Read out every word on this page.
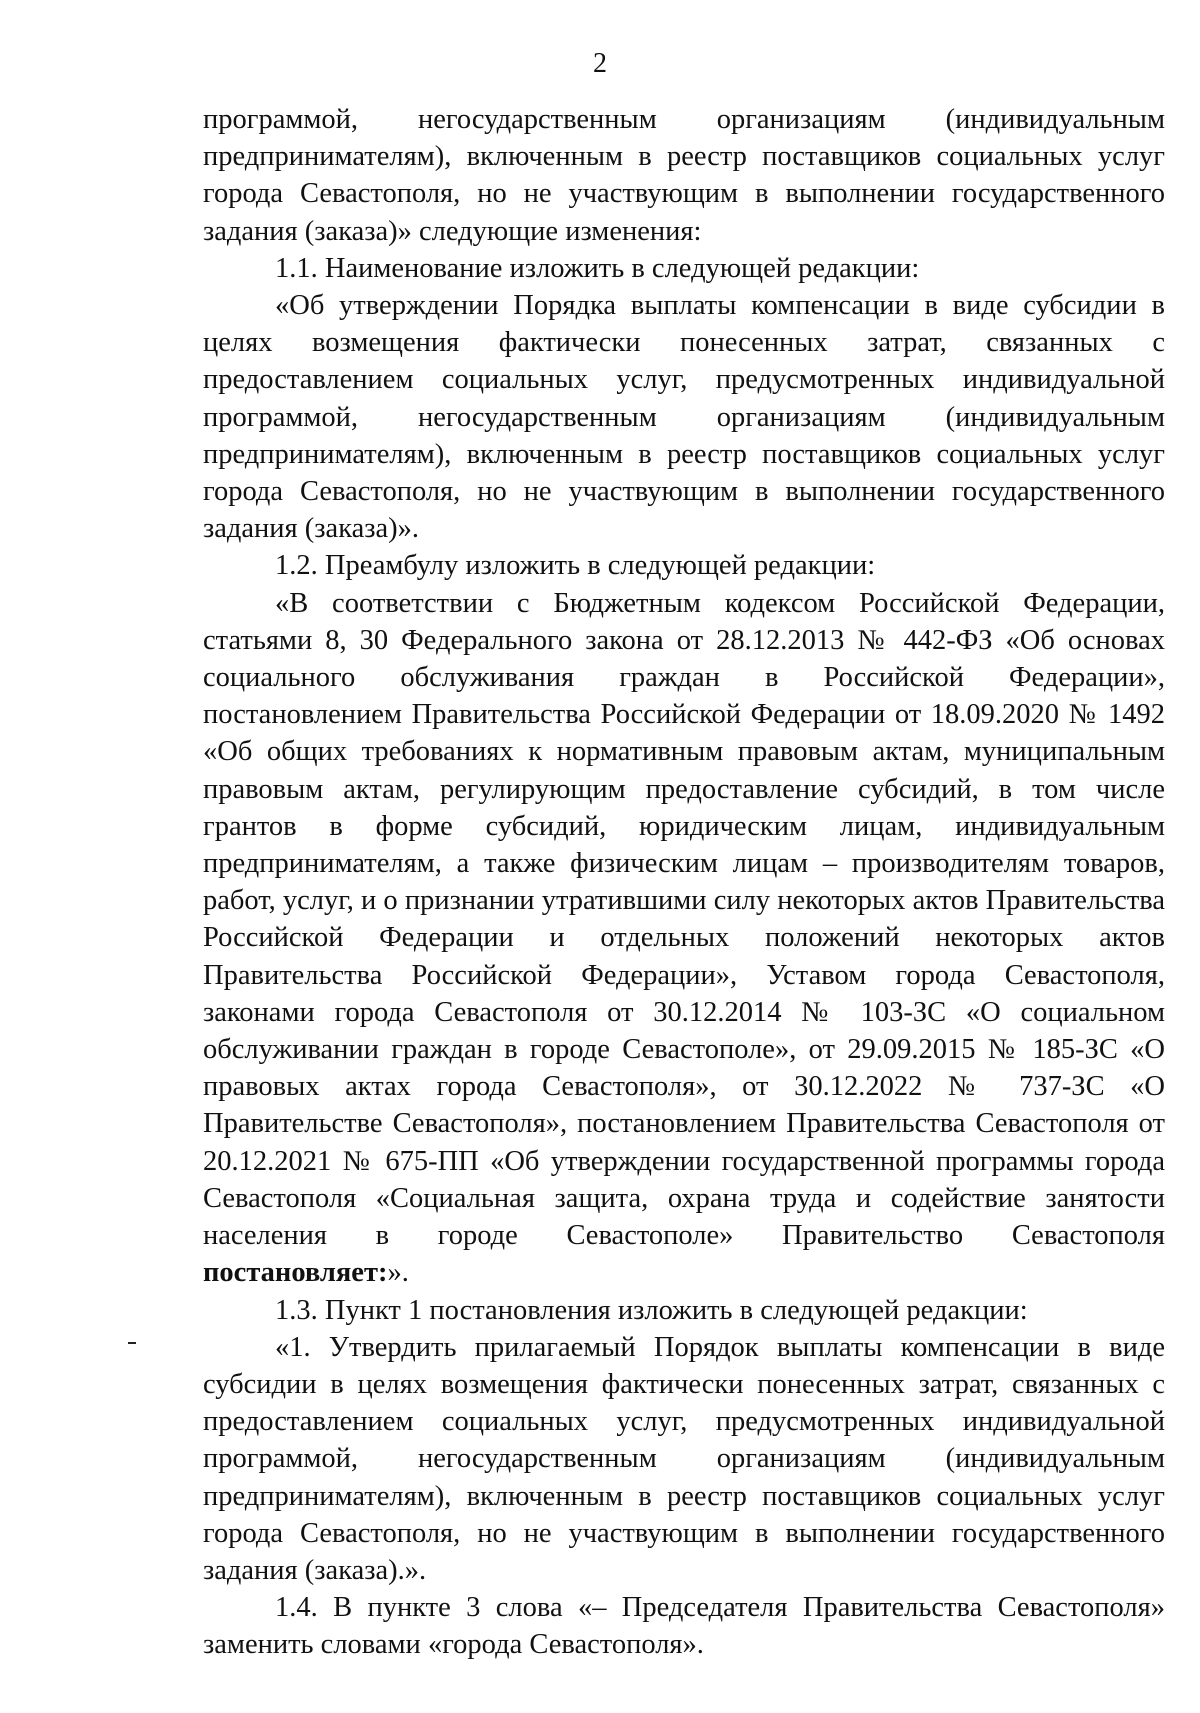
2

программой, негосударственным организациям (индивидуальным предпринимателям), включенным в реестр поставщиков социальных услуг города Севастополя, но не участвующим в выполнении государственного задания (заказа)» следующие изменения:

1.1. Наименование изложить в следующей редакции:

«Об утверждении Порядка выплаты компенсации в виде субсидии в целях возмещения фактически понесенных затрат, связанных с предоставлением социальных услуг, предусмотренных индивидуальной программой, негосударственным организациям (индивидуальным предпринимателям), включенным в реестр поставщиков социальных услуг города Севастополя, но не участвующим в выполнении государственного задания (заказа)».

1.2. Преамбулу изложить в следующей редакции:

«В соответствии с Бюджетным кодексом Российской Федерации, статьями 8, 30 Федерального закона от 28.12.2013 № 442-ФЗ «Об основах социального обслуживания граждан в Российской Федерации», постановлением Правительства Российской Федерации от 18.09.2020 № 1492 «Об общих требованиях к нормативным правовым актам, муниципальным правовым актам, регулирующим предоставление субсидий, в том числе грантов в форме субсидий, юридическим лицам, индивидуальным предпринимателям, а также физическим лицам – производителям товаров, работ, услуг, и о признании утратившими силу некоторых актов Правительства Российской Федерации и отдельных положений некоторых актов Правительства Российской Федерации», Уставом города Севастополя, законами города Севастополя от 30.12.2014 № 103-ЗС «О социальном обслуживании граждан в городе Севастополе», от 29.09.2015 № 185-ЗС «О правовых актах города Севастополя», от 30.12.2022 № 737-ЗС «О Правительстве Севастополя», постановлением Правительства Севастополя от 20.12.2021 № 675-ПП «Об утверждении государственной программы города Севастополя «Социальная защита, охрана труда и содействие занятости населения в городе Севастополе» Правительство Севастополя постановляет:».

1.3. Пункт 1 постановления изложить в следующей редакции:

«1. Утвердить прилагаемый Порядок выплаты компенсации в виде субсидии в целях возмещения фактически понесенных затрат, связанных с предоставлением социальных услуг, предусмотренных индивидуальной программой, негосударственным организациям (индивидуальным предпринимателям), включенным в реестр поставщиков социальных услуг города Севастополя, но не участвующим в выполнении государственного задания (заказа).».

1.4. В пункте 3 слова «– Председателя Правительства Севастополя» заменить словами «города Севастополя».
